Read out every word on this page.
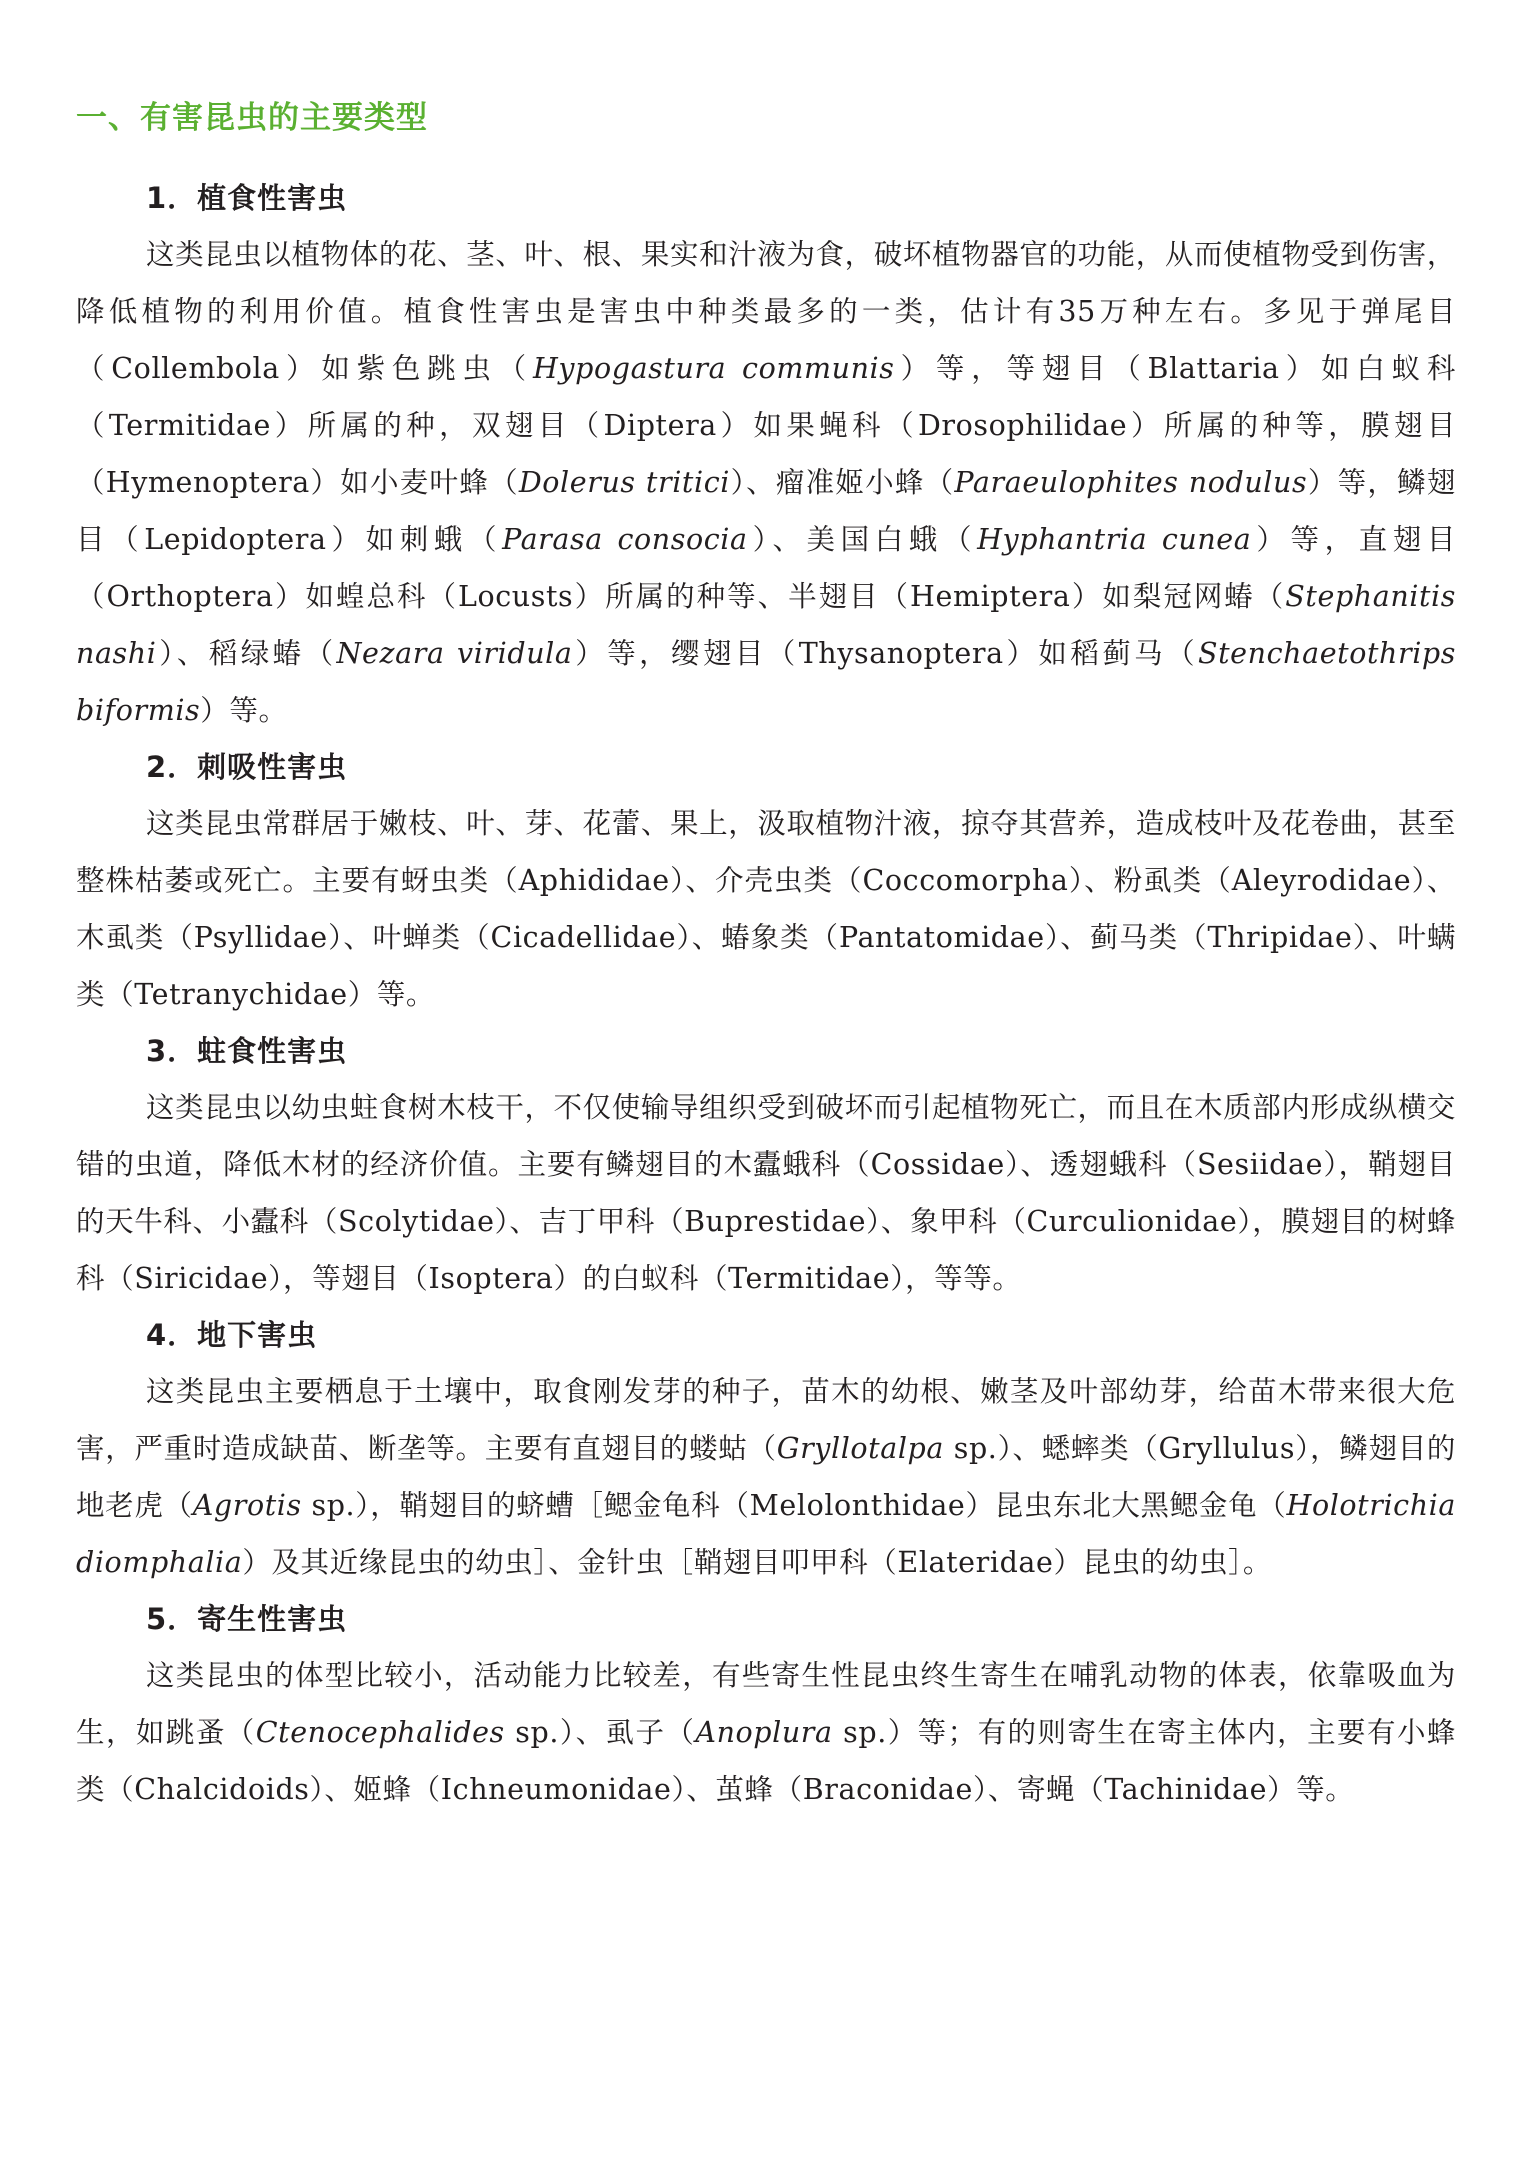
一、有害昆虫的主要类型
1．植食性害虫

这类昆虫以植物体的花、茎、叶、根、果实和汁液为食，破坏植物器官的功能，从而使植物受到伤害，降低植物的利用价值。植食性害虫是害虫中种类最多的一类，估计有35万种左右。多见于弹尾目（Collembola）如紫色跳虫（Hypogastura communis）等，等翅目（Blattaria）如白蚁科（Termitidae）所属的种，双翅目（Diptera）如果蝇科（Drosophilidae）所属的种等，膜翅目（Hymenoptera）如小麦叶蜂（Dolerus tritici）、瘤准姬小蜂（Paraeulophites nodulus）等，鳞翅目（Lepidoptera）如刺蛾（Parasa consocia）、美国白蛾（Hyphantria cunea）等，直翅目（Orthoptera）如蝗总科（Locusts）所属的种等、半翅目（Hemiptera）如梨冠网蝽（Stephanitis nashi）、稻绿蝽（Nezara viridula）等，缨翅目（Thysanoptera）如稻蓟马（Stenchaetothrips biformis）等。

2．刺吸性害虫

这类昆虫常群居于嫩枝、叶、芽、花蕾、果上，汲取植物汁液，掠夺其营养，造成枝叶及花卷曲，甚至整株枯萎或死亡。主要有蚜虫类（Aphididae）、介壳虫类（Coccomorpha）、粉虱类（Aleyrodidae）、木虱类（Psyllidae）、叶蝉类（Cicadellidae）、蝽象类（Pantatomidae）、蓟马类（Thripidae）、叶螨类（Tetranychidae）等。

3．蛀食性害虫

这类昆虫以幼虫蛀食树木枝干，不仅使输导组织受到破坏而引起植物死亡，而且在木质部内形成纵横交错的虫道，降低木材的经济价值。主要有鳞翅目的木蠹蛾科（Cossidae）、透翅蛾科（Sesiidae），鞘翅目的天牛科、小蠹科（Scolytidae）、吉丁甲科（Buprestidae）、象甲科（Curculionidae），膜翅目的树蜂科（Siricidae），等翅目（Isoptera）的白蚁科（Termitidae），等等。

4．地下害虫

这类昆虫主要栖息于土壤中，取食刚发芽的种子，苗木的幼根、嫩茎及叶部幼芽，给苗木带来很大危害，严重时造成缺苗、断垄等。主要有直翅目的蝼蛄（Gryllotalpa sp.）、蟋蟀类（Gryllulus），鳞翅目的地老虎（Agrotis sp.），鞘翅目的蛴螬［鳃金龟科（Melolonthidae）昆虫东北大黑鳃金龟（Holotrichia diomphalia）及其近缘昆虫的幼虫］、金针虫［鞘翅目叩甲科（Elateridae）昆虫的幼虫］。

5．寄生性害虫

这类昆虫的体型比较小，活动能力比较差，有些寄生性昆虫终生寄生在哺乳动物的体表，依靠吸血为生，如跳蚤（Ctenocephalides sp.）、虱子（Anoplura sp.）等；有的则寄生在寄主体内，主要有小蜂类（Chalcidoids）、姬蜂（Ichneumonidae）、茧蜂（Braconidae）、寄蝇（Tachinidae）等。
